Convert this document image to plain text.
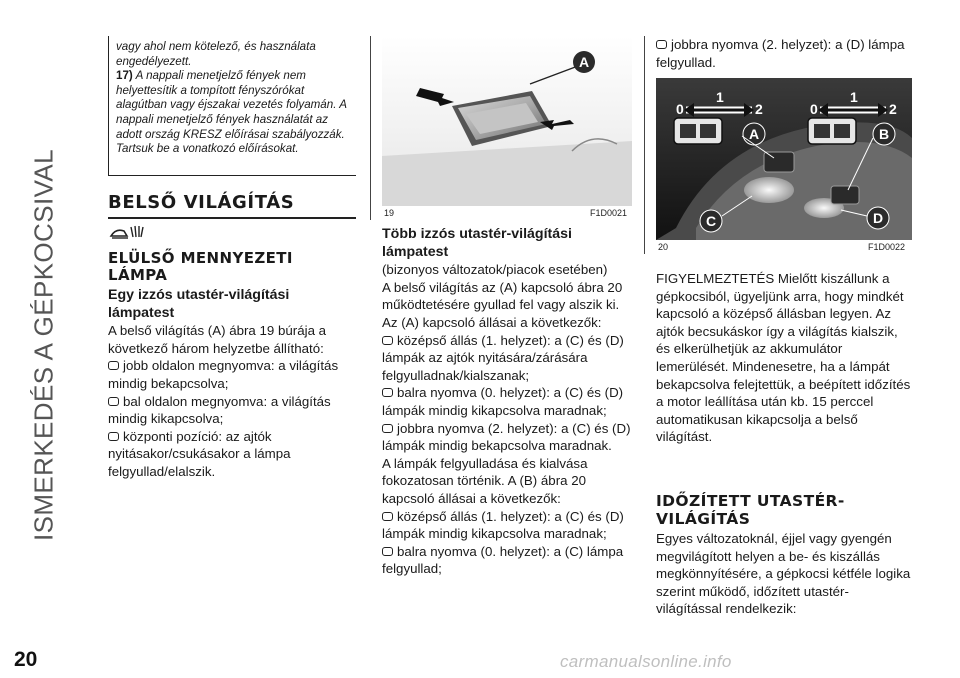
ISMERKEDÉS A GÉPKOCSIVAL
vagy ahol nem kötelező, és használata engedélyezett.
17) A nappali menetjelző fények nem helyettesítik a tompított fényszórókat alagútban vagy éjszakai vezetés folyamán. A nappali menetjelző fények használatát az adott ország KRESZ előírásai szabályozzák. Tartsuk be a vonatkozó előírásokat.
BELSŐ VILÁGÍTÁS
ELÜLSŐ MENNYEZETI LÁMPA
Egy izzós utastér-világítási lámpatest
A belső világítás (A) ábra 19 búrája a következő három helyzetbe állítható:
jobb oldalon megnyomva: a világítás mindig bekapcsolva;
bal oldalon megnyomva: a világítás mindig kikapcsolva;
központi pozíció: az ajtók nyitásakor/csukásakor a lámpa felgyullad/elalszik.
A
19	F1D0021
Több izzós utastér-világítási lámpatest
(bizonyos változatok/piacok esetében)
A belső világítás az (A) kapcsoló ábra 20 működtetésére gyullad fel vagy alszik ki. Az (A) kapcsoló állásai a következők:
középső állás (1. helyzet): a (C) és (D) lámpák az ajtók nyitására/zárására felgyulladnak/kialszanak;
balra nyomva (0. helyzet): a (C) és (D) lámpák mindig kikapcsolva maradnak;
jobbra nyomva (2. helyzet): a (C) és (D) lámpák mindig bekapcsolva maradnak.
A lámpák felgyulladása és kialvása fokozatosan történik. A (B) ábra 20 kapcsoló állásai a következők:
középső állás (1. helyzet): a (C) és (D) lámpák mindig kikapcsolva maradnak;
balra nyomva (0. helyzet): a (C) lámpa felgyullad;
jobbra nyomva (2. helyzet): a (D) lámpa felgyullad.
0
1
2	0
1
2
A	B
C	D
20	F1D0022
FIGYELMEZTETÉS Mielőtt kiszállunk a gépkocsiból, ügyeljünk arra, hogy mindkét kapcsoló a középső állásban legyen. Az ajtók becsukáskor így a világítás kialszik, és elkerülhetjük az akkumulátor lemerülését. Mindenesetre, ha a lámpát bekapcsolva felejtettük, a beépített időzítés a motor leállítása után kb. 15 perccel automatikusan kikapcsolja a belső világítást.
IDŐZÍTETT UTASTÉR-VILÁGÍTÁS
Egyes változatoknál, éjjel vagy gyengén megvilágított helyen a be- és kiszállás megkönnyítésére, a gépkocsi kétféle logika szerint működő, időzített utastér-világítással rendelkezik:
20	carmanualsonline.info
